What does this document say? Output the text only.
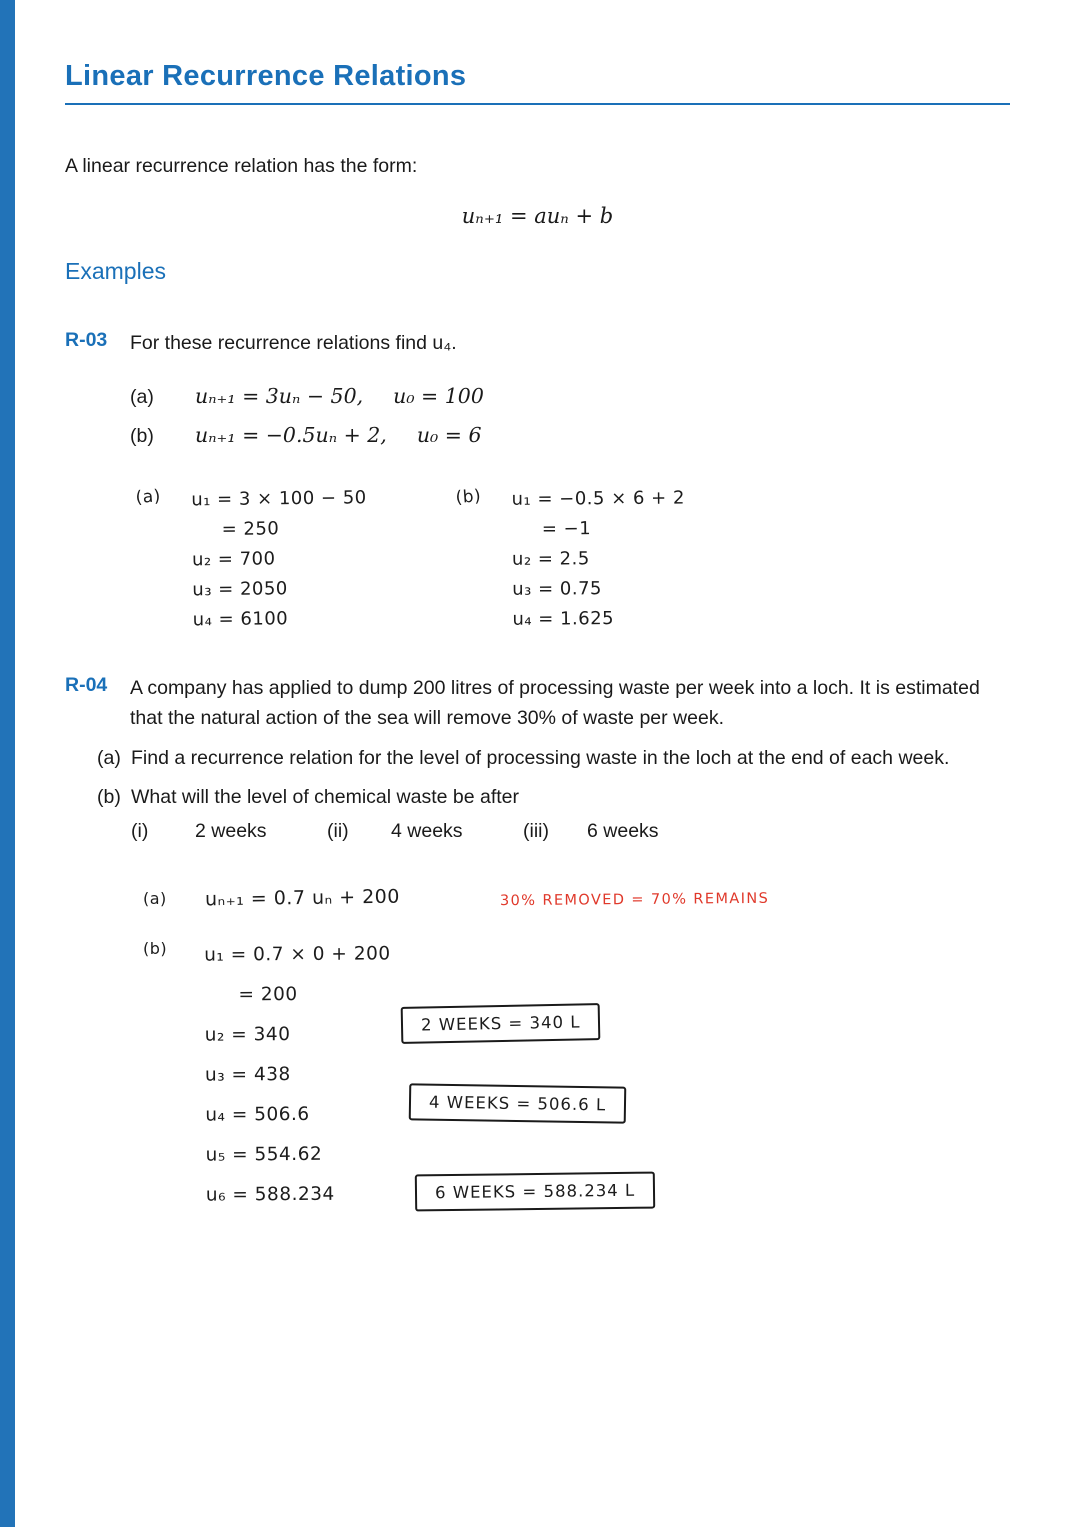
Linear Recurrence Relations
A linear recurrence relation has the form:
uₙ₊₁ = auₙ + b
Examples
R-03	For these recurrence relations find u₄.
(a)	uₙ₊₁ = 3uₙ − 50, u₀ = 100
(b)	uₙ₊₁ = −0.5uₙ + 2, u₀ = 6
(a)	u₁ = 3 × 100 − 50
= 250
u₂ = 700
u₃ = 2050
u₄ = 6100
(b)	u₁ = −0.5 × 6 + 2
= −1
u₂ = 2.5
u₃ = 0.75
u₄ = 1.625
R-04	A company has applied to dump 200 litres of processing waste per week into a loch. It is estimated that the natural action of the sea will remove 30% of waste per week.
(a) Find a recurrence relation for the level of processing waste in the loch at the end of each week.
(b) What will the level of chemical waste be after
(i)	2 weeks	(ii)	4 weeks	(iii)	6 weeks
(a)	uₙ₊₁ = 0.7 uₙ + 200	30% REMOVED = 70% REMAINS
(b)	u₁ = 0.7 × 0 + 200
= 200
u₂ = 340
u₃ = 438
u₄ = 506.6
u₅ = 554.62
u₆ = 588.234
2 WEEKS = 340 L
4 WEEKS = 506.6 L
6 WEEKS = 588.234 L
